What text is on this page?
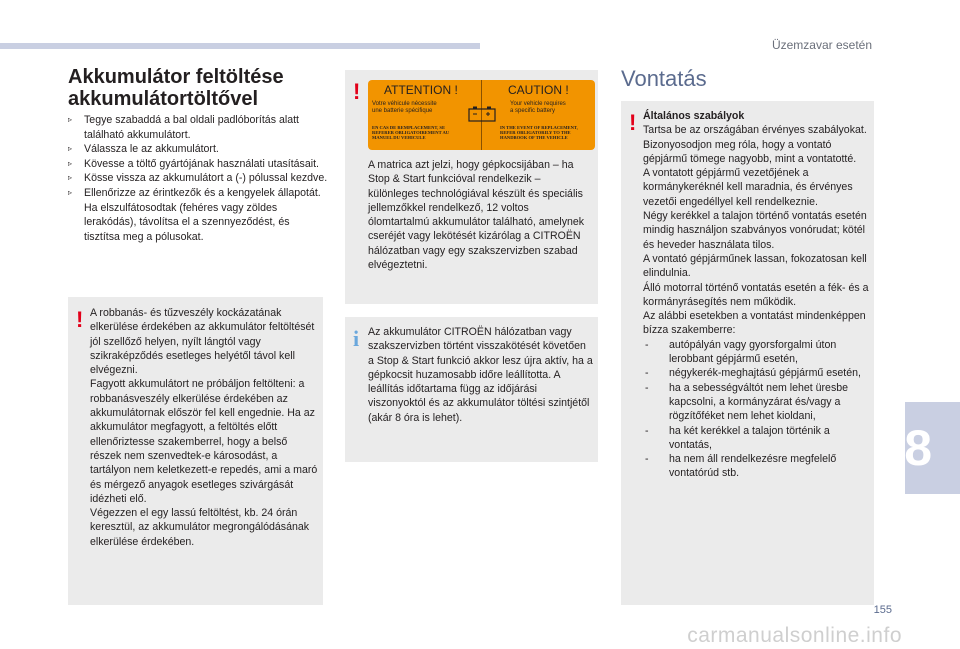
Üzemzavar esetén
Akkumulátor feltöltése
akkumulátortöltővel

▹ Tegye szabaddá a bal oldali padlóborítás alatt található akkumulátort.

▹ Válassza le az akkumulátort.

▹ Kövesse a töltő gyártójának használati utasításait.

▹ Kösse vissza az akkumulátort a (-) pólussal kezdve.

▹ Ellenőrizze az érintkezők és a kengyelek állapotát. Ha elszulfátosodtak (fehéres vagy zöldes lerakódás), távolítsa el a szennyeződést, és tisztítsa meg a pólusokat.

! A robbanás- és tűzveszély kockázatának elkerülése érdekében az akkumulátor feltöltését jól szellőző helyen, nyílt lángtól vagy szikraképződés esetleges helyétől távol kell elvégezni.
Fagyott akkumulátort ne próbáljon feltölteni: a robbanásveszély elkerülése érdekében az akkumulátornak először fel kell engednie. Ha az akkumulátor megfagyott, a feltöltés előtt ellenőriztesse szakemberrel, hogy a belső részek nem szenvedtek-e károsodást, a tartályon nem keletkezett-e repedés, ami a maró és mérgező anyagok esetleges szivárgását idézheti elő.
Végezzen el egy lassú feltöltést, kb. 24 órán keresztül, az akkumulátor megrongálódásának elkerülése érdekében.
! ATTENTION !	CAUTION !
Votre véhicule nécessite
une batterie spécifique
Your vehicle requires
a specific battery
EN CAS DE REMPLACEMENT, SE REFERER OBLIGATOIREMENT AU MANUEL DU VEHICULE
IN THE EVENT OF REPLACEMENT, REFER OBLIGATORILY TO THE HANDBOOK OF THE VEHICLE
A matrica azt jelzi, hogy gépkocsijában – ha Stop & Start funkcióval rendelkezik – különleges technológiával készült és speciális jellemzőkkel rendelkező, 12 voltos ólomtartalmú akkumulátor található, amelynek cseréjét vagy lekötését kizárólag a CITROËN hálózatban vagy egy szakszervizben szabad elvégeztetni.
i Az akkumulátor CITROËN hálózatban vagy szakszervizben történt visszakötését követően a Stop & Start funkció akkor lesz újra aktív, ha a gépkocsit huzamosabb időre leállította. A leállítás időtartama függ az időjárási viszonyoktól és az akkumulátor töltési szintjétől (akár 8 óra is lehet).
Vontatás
! Általános szabályok
Tartsa be az országában érvényes szabályokat.
Bizonyosodjon meg róla, hogy a vontató gépjármű tömege nagyobb, mint a vontatotté.
A vontatott gépjármű vezetőjének a kormánykeréknél kell maradnia, és érvényes vezetői engedéllyel kell rendelkeznie.
Négy kerékkel a talajon történő vontatás esetén mindig használjon szabványos vonórudat; kötél és heveder használata tilos.
A vontató gépjárműnek lassan, fokozatosan kell elindulnia.
Álló motorral történő vontatás esetén a fék- és a kormányrásegítés nem működik.
Az alábbi esetekben a vontatást mindenképpen bízza szakemberre:
- autópályán vagy gyorsforgalmi úton lerobbant gépjármű esetén,
- négykerék-meghajtású gépjármű esetén,
- ha a sebességváltót nem lehet üresbe kapcsolni, a kormányzárat és/vagy a rögzítőféket nem lehet kioldani,
- ha két kerékkel a talajon történik a vontatás,
- ha nem áll rendelkezésre megfelelő vontatórúd stb.	8
155
carmanualsonline.info
